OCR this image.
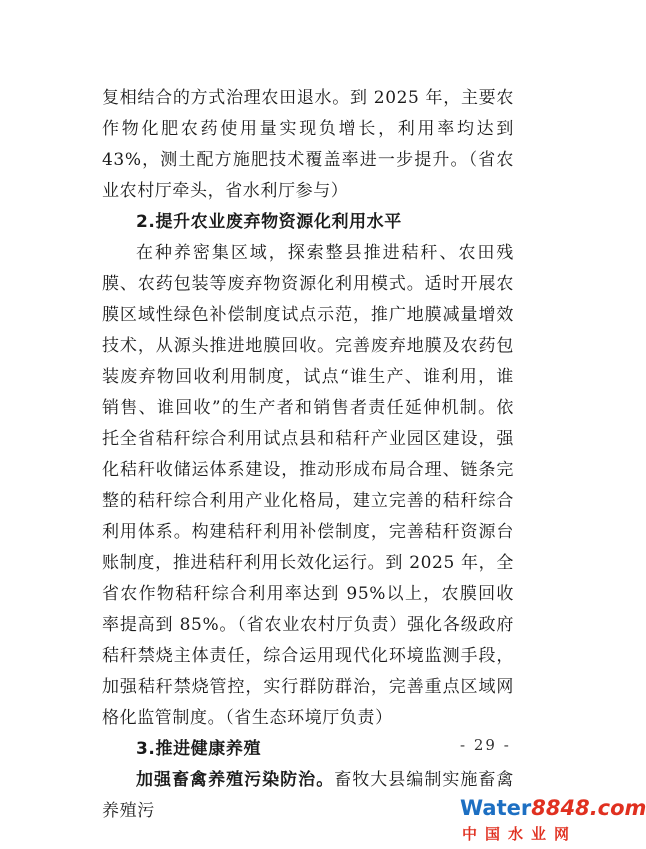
复相结合的方式治理农田退水。到 2025 年，主要农作物化肥农药使用量实现负增长，利用率均达到 43%，测土配方施肥技术覆盖率进一步提升。（省农业农村厅牵头，省水利厅参与）

2.提升农业废弃物资源化利用水平

在种养密集区域，探索整县推进秸秆、农田残膜、农药包装等废弃物资源化利用模式。适时开展农膜区域性绿色补偿制度试点示范，推广地膜减量增效技术，从源头推进地膜回收。完善废弃地膜及农药包装废弃物回收利用制度，试点“谁生产、谁利用，谁销售、谁回收”的生产者和销售者责任延伸机制。依托全省秸秆综合利用试点县和秸秆产业园区建设，强化秸秆收储运体系建设，推动形成布局合理、链条完整的秸秆综合利用产业化格局，建立完善的秸秆综合利用体系。构建秸秆利用补偿制度，完善秸秆资源台账制度，推进秸秆利用长效化运行。到 2025 年，全省农作物秸秆综合利用率达到 95%以上，农膜回收率提高到 85%。（省农业农村厅负责）强化各级政府秸秆禁烧主体责任，综合运用现代化环境监测手段，加强秸秆禁烧管控，实行群防群治，完善重点区域网格化监管制度。（省生态环境厅负责）

3.推进健康养殖

加强畜禽养殖污染防治。畜牧大县编制实施畜禽养殖污

- 29 -
Water8848.com
中国水业网
